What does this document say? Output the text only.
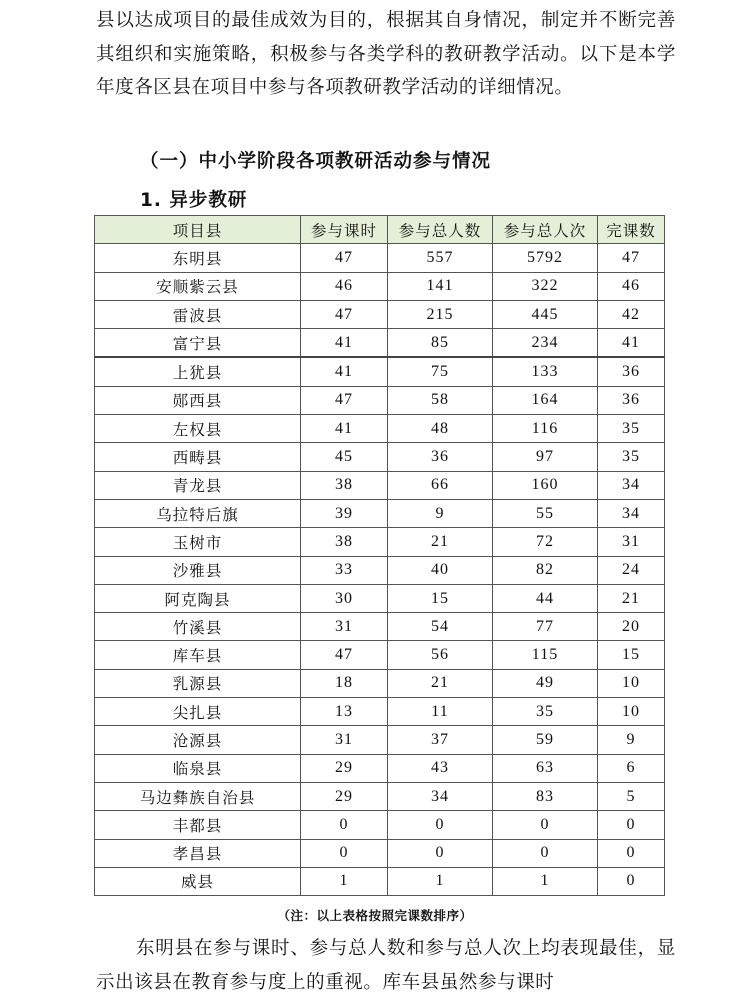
县以达成项目的最佳成效为目的，根据其自身情况，制定并不断完善其组织和实施策略，积极参与各类学科的教研教学活动。以下是本学年度各区县在项目中参与各项教研教学活动的详细情况。

（一）中小学阶段各项教研活动参与情况
1. 异步教研
项目县	参与课时	参与总人数	参与总人次	完课数
东明县	47	557	5792	47
安顺紫云县	46	141	322	46
雷波县	47	215	445	42
富宁县	41	85	234	41
上犹县	41	75	133	36
郧西县	47	58	164	36
左权县	41	48	116	35
西畴县	45	36	97	35
青龙县	38	66	160	34
乌拉特后旗	39	9	55	34
玉树市	38	21	72	31
沙雅县	33	40	82	24
阿克陶县	30	15	44	21
竹溪县	31	54	77	20
库车县	47	56	115	15
乳源县	18	21	49	10
尖扎县	13	11	35	10
沧源县	31	37	59	9
临泉县	29	43	63	6
马边彝族自治县	29	34	83	5
丰都县	0	0	0	0
孝昌县	0	0	0	0
威县	1	1	1	0
（注：以上表格按照完课数排序）

东明县在参与课时、参与总人数和参与总人次上均表现最佳，显示出该县在教育参与度上的重视。库车县虽然参与课时
